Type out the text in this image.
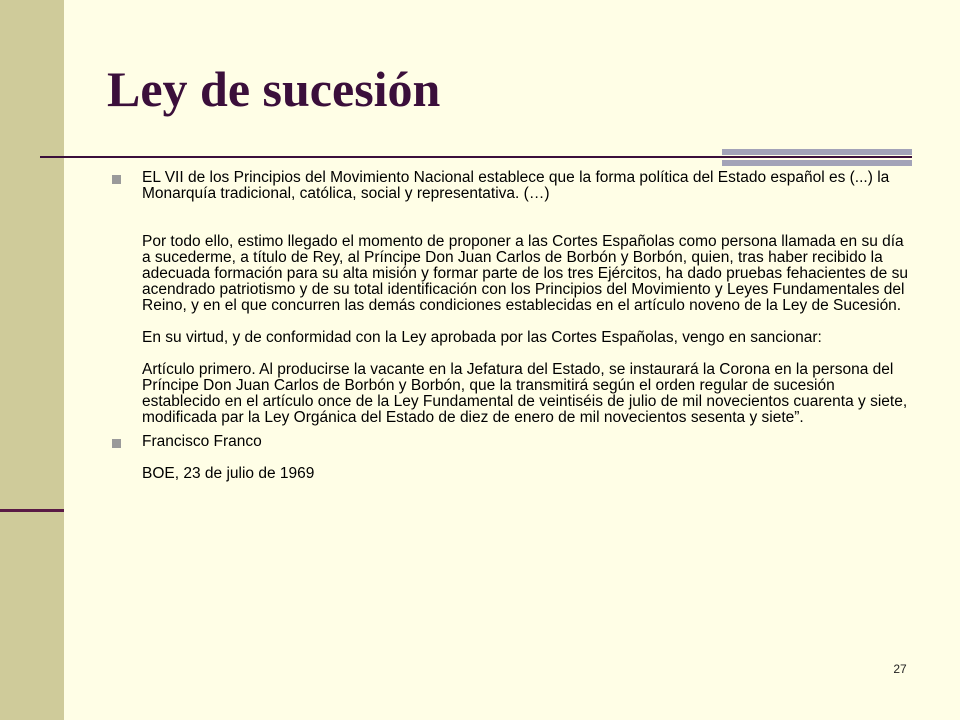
Ley de sucesión

EL VII de los Principios del Movimiento Nacional establece que la forma política del Estado español es (...) la Monarquía tradicional, católica, social y representativa. (…)

Por todo ello, estimo llegado el momento de proponer a las Cortes Españolas como persona llamada en su día a sucederme, a título de Rey, al Príncipe Don Juan Carlos de Borbón y Borbón, quien, tras haber recibido la adecuada formación para su alta misión y formar parte de los tres Ejércitos, ha dado pruebas fehacientes de su acendrado patriotismo y de su total identificación con los Principios del Movimiento y Leyes Fundamentales del Reino, y en el que concurren las demás condiciones establecidas en el artículo noveno de la Ley de Sucesión.

En su virtud, y de conformidad con la Ley aprobada por las Cortes Españolas, vengo en sancionar:

Artículo primero. Al producirse la vacante en la Jefatura del Estado, se instaurará la Corona en la persona del Príncipe Don Juan Carlos de Borbón y Borbón, que la transmitirá según el orden regular de sucesión establecido en el artículo once de la Ley Fundamental de veintiséis de julio de mil novecientos cuarenta y siete, modificada par la Ley Orgánica del Estado de diez de enero de mil novecientos sesenta y siete”.

Francisco Franco

BOE, 23 de julio de 1969

27
